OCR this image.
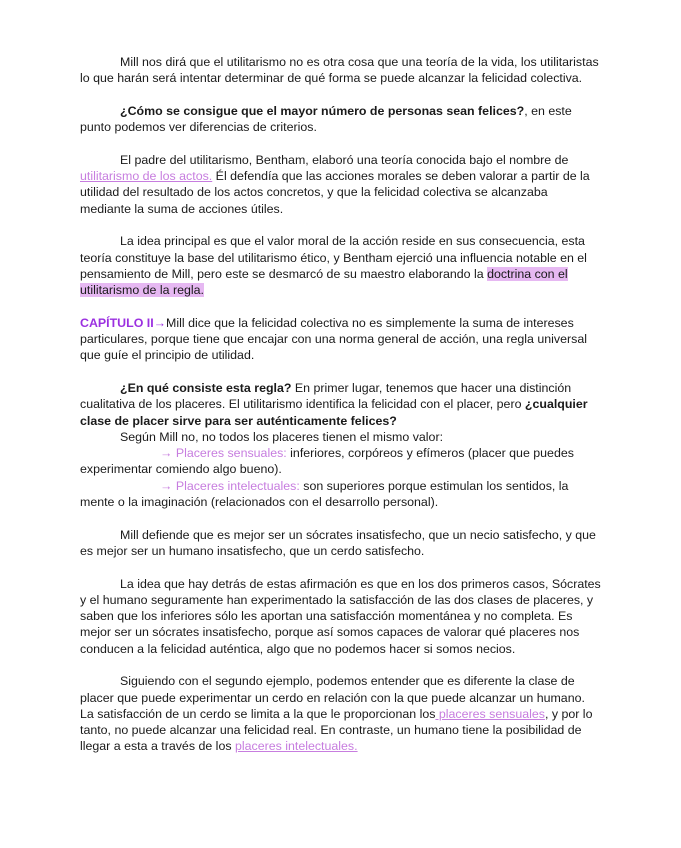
Mill nos dirá que el utilitarismo no es otra cosa que una teoría de la vida, los utilitaristas lo que harán será intentar determinar de qué forma se puede alcanzar la felicidad colectiva.

¿Cómo se consigue que el mayor número de personas sean felices?, en este punto podemos ver diferencias de criterios.

El padre del utilitarismo, Bentham, elaboró una teoría conocida bajo el nombre de utilitarismo de los actos. Él defendía que las acciones morales se deben valorar a partir de la utilidad del resultado de los actos concretos, y que la felicidad colectiva se alcanzaba mediante la suma de acciones útiles.

La idea principal es que el valor moral de la acción reside en sus consecuencia, esta teoría constituye la base del utilitarismo ético, y Bentham ejerció una influencia notable en el pensamiento de Mill, pero este se desmarcó de su maestro elaborando la doctrina con el utilitarismo de la regla.

CAPÍTULO II→Mill dice que la felicidad colectiva no es simplemente la suma de intereses particulares, porque tiene que encajar con una norma general de acción, una regla universal que guíe el principio de utilidad.

¿En qué consiste esta regla? En primer lugar, tenemos que hacer una distinción cualitativa de los placeres. El utilitarismo identifica la felicidad con el placer, pero ¿cualquier clase de placer sirve para ser auténticamente felices?

Según Mill no, no todos los placeres tienen el mismo valor:

→ Placeres sensuales: inferiores, corpóreos y efímeros (placer que puedes experimentar comiendo algo bueno).

→ Placeres intelectuales: son superiores porque estimulan los sentidos, la mente o la imaginación (relacionados con el desarrollo personal).

Mill defiende que es mejor ser un sócrates insatisfecho, que un necio satisfecho, y que es mejor ser un humano insatisfecho, que un cerdo satisfecho.

La idea que hay detrás de estas afirmación es que en los dos primeros casos, Sócrates y el humano seguramente han experimentado la satisfacción de las dos clases de placeres, y saben que los inferiores sólo les aportan una satisfacción momentánea y no completa. Es mejor ser un sócrates insatisfecho, porque así somos capaces de valorar qué placeres nos conducen a la felicidad auténtica, algo que no podemos hacer si somos necios.

Siguiendo con el segundo ejemplo, podemos entender que es diferente la clase de placer que puede experimentar un cerdo en relación con la que puede alcanzar un humano. La satisfacción de un cerdo se limita a la que le proporcionan los placeres sensuales, y por lo tanto, no puede alcanzar una felicidad real. En contraste, un humano tiene la posibilidad de llegar a esta a través de los placeres intelectuales.
